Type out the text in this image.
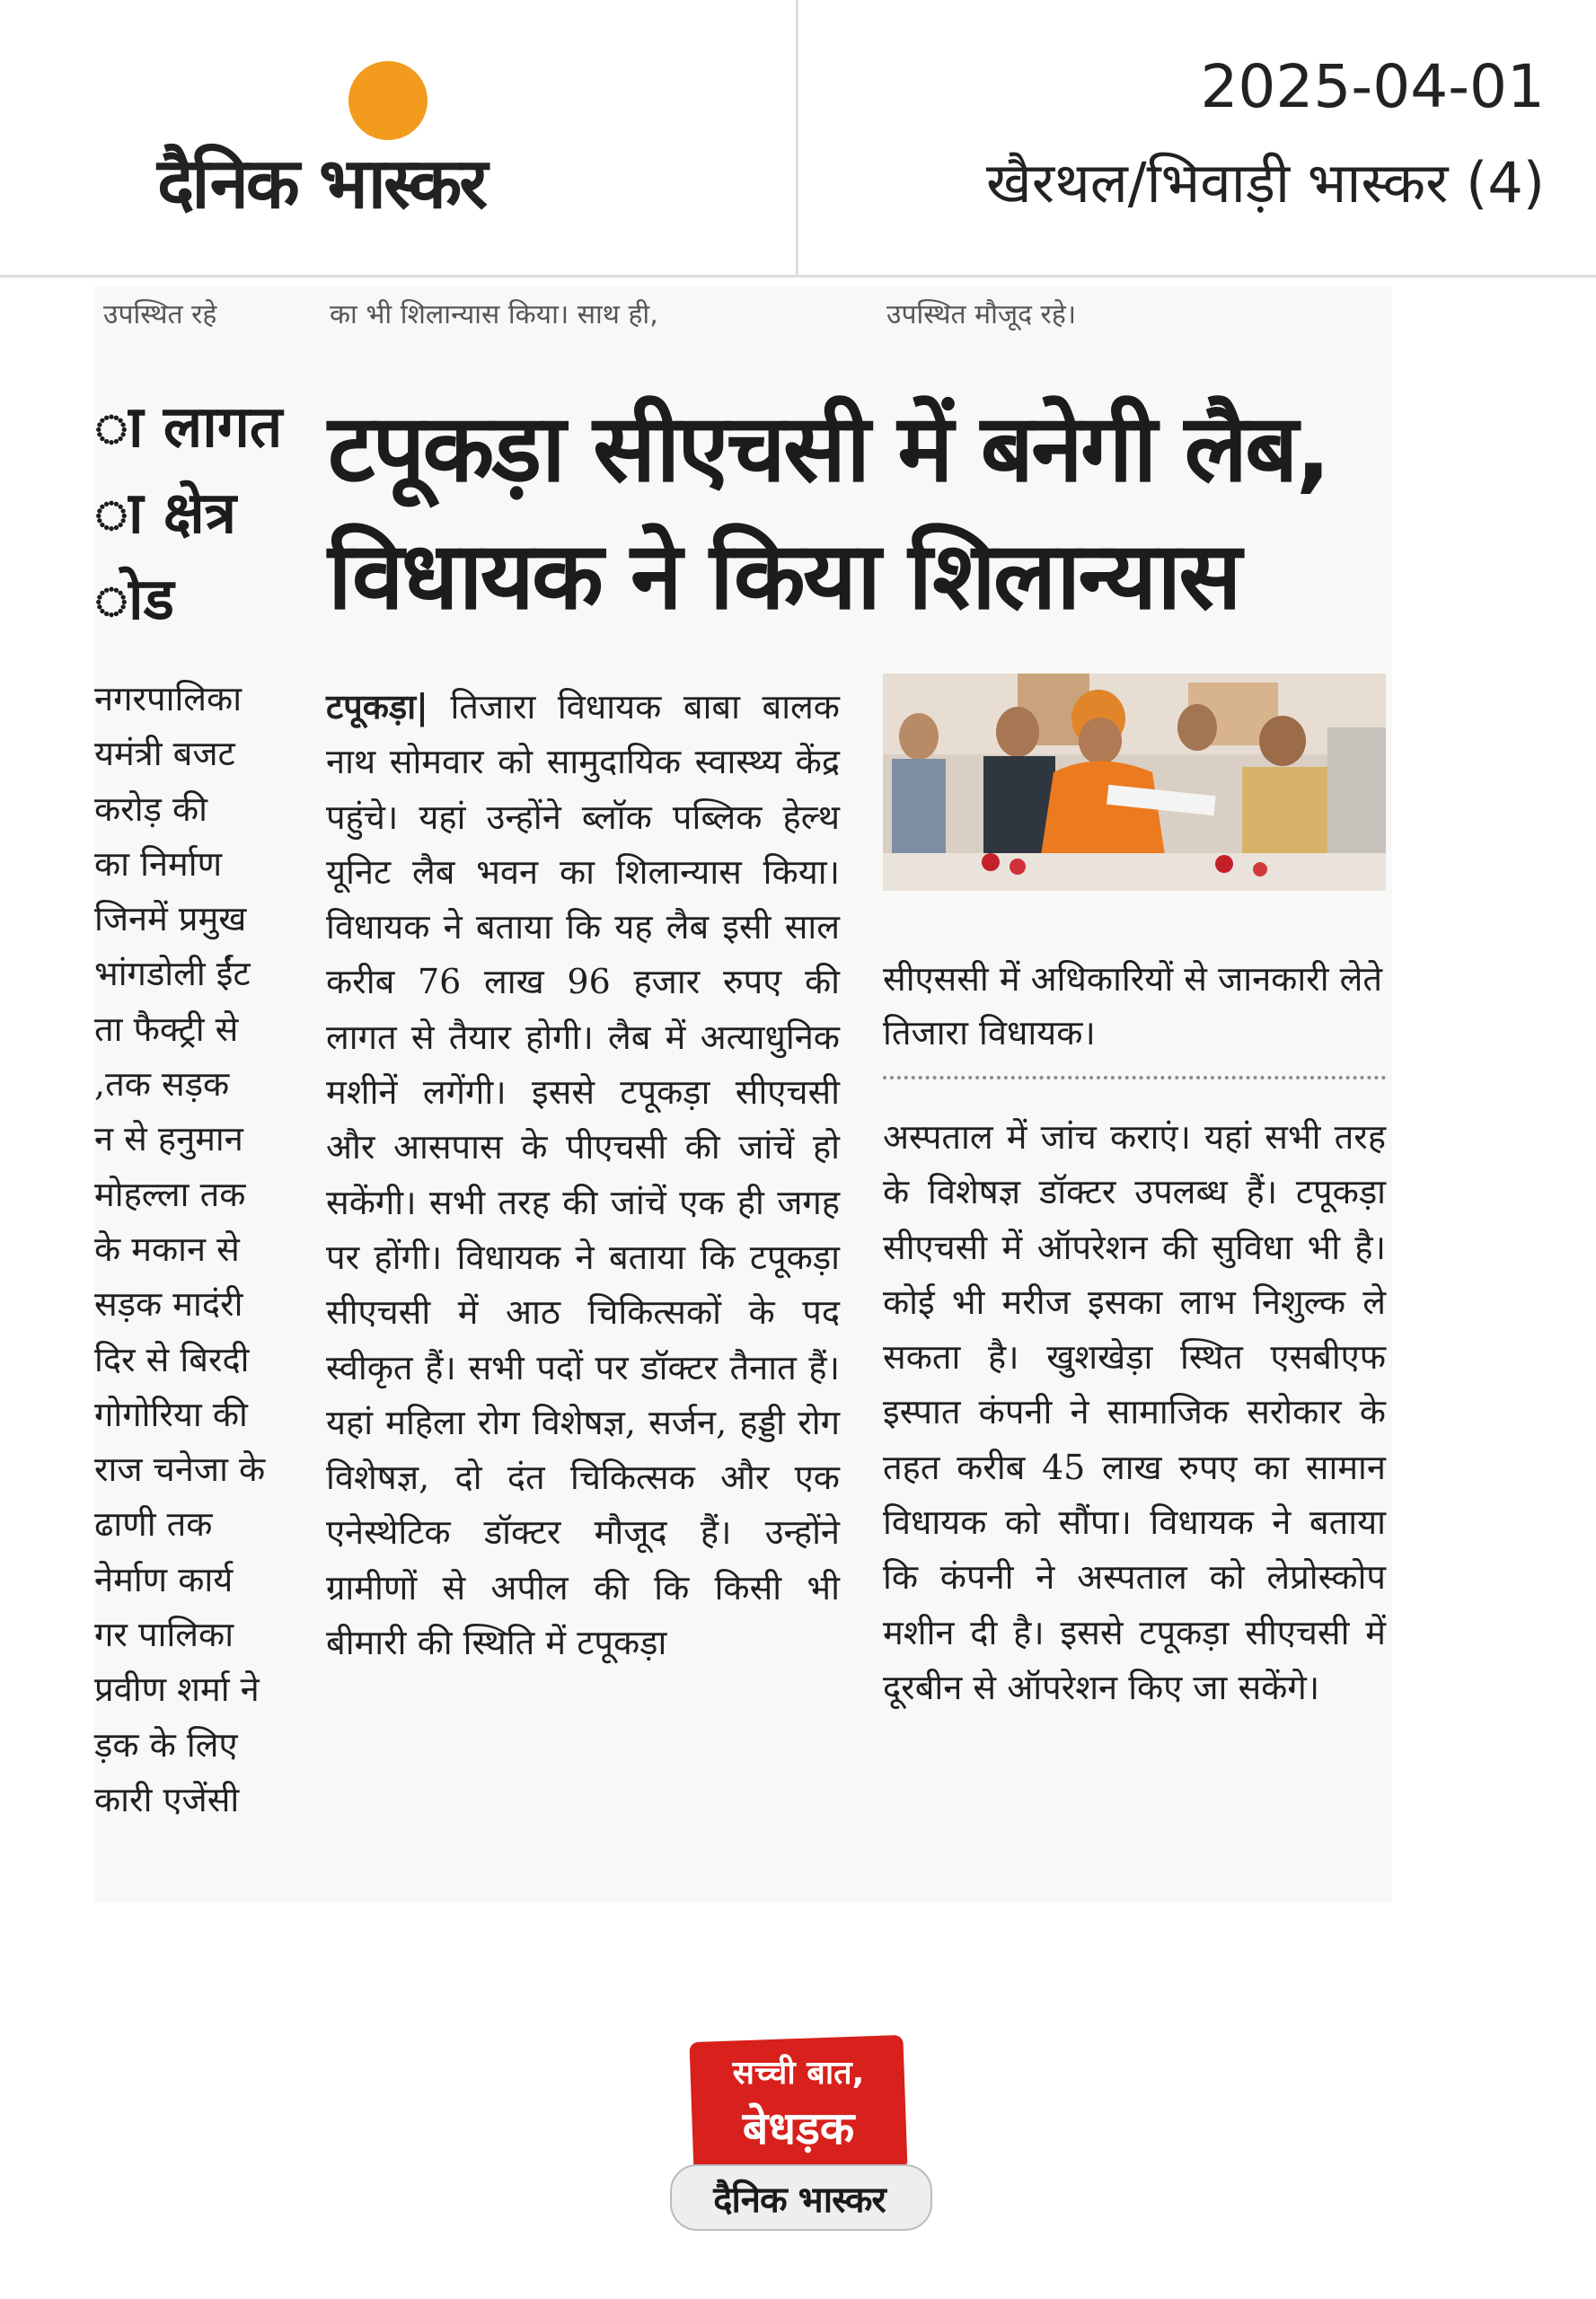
दैनिक भास्कर
2025-04-01
खैरथल/भिवाड़ी भास्कर (4)
उपस्थित रहे	का भी शिलान्यास किया। साथ ही,	उपस्थित मौजूद रहे।
ा लागत
ा क्षेत्र
ोड
नगरपालिका
यमंत्री बजट
करोड़ की
का निर्माण
जिनमें प्रमुख
भांगडोली ईंट
ता फैक्ट्री से
तक सड़क,
न से हनुमान
मोहल्ला तक
के मकान से
सड़क मादंरी
दिर से बिरदी
गोगोरिया की
राज चनेजा के
ढाणी तक
नेर्माण कार्य
गर पालिका
प्रवीण शर्मा ने
ड़क के लिए
कारी एजेंसी
टपूकड़ा सीएचसी में बनेगी लैब,
विधायक ने किया शिलान्यास

टपूकड़ा| तिजारा विधायक बाबा बालक नाथ सोमवार को सामुदायिक स्वास्थ्य केंद्र पहुंचे। यहां उन्होंने ब्लॉक पब्लिक हेल्थ यूनिट लैब भवन का शिलान्यास किया। विधायक ने बताया कि यह लैब इसी साल करीब 76 लाख 96 हजार रुपए की लागत से तैयार होगी। लैब में अत्याधुनिक मशीनें लगेंगी। इससे टपूकड़ा सीएचसी और आसपास के पीएचसी की जांचें हो सकेंगी। सभी तरह की जांचें एक ही जगह पर होंगी। विधायक ने बताया कि टपूकड़ा सीएचसी में आठ चिकित्सकों के पद स्वीकृत हैं। सभी पदों पर डॉक्टर तैनात हैं। यहां महिला रोग विशेषज्ञ, सर्जन, हड्डी रोग विशेषज्ञ, दो दंत चिकित्सक और एक एनेस्थेटिक डॉक्टर मौजूद हैं। उन्होंने ग्रामीणों से अपील की कि किसी भी बीमारी की स्थिति में टपूकड़ा

सीएससी में अधिकारियों से जानकारी लेते तिजारा विधायक।

अस्पताल में जांच कराएं। यहां सभी तरह के विशेषज्ञ डॉक्टर उपलब्ध हैं। टपूकड़ा सीएचसी में ऑपरेशन की सुविधा भी है। कोई भी मरीज इसका लाभ निशुल्क ले सकता है। खुशखेड़ा स्थित एसबीएफ इस्पात कंपनी ने सामाजिक सरोकार के तहत करीब 45 लाख रुपए का सामान विधायक को सौंपा। विधायक ने बताया कि कंपनी ने अस्पताल को लेप्रोस्कोप मशीन दी है। इससे टपूकड़ा सीएचसी में दूरबीन से ऑपरेशन किए जा सकेंगे।

सच्ची बात,
बेधड़क
दैनिक भास्कर
